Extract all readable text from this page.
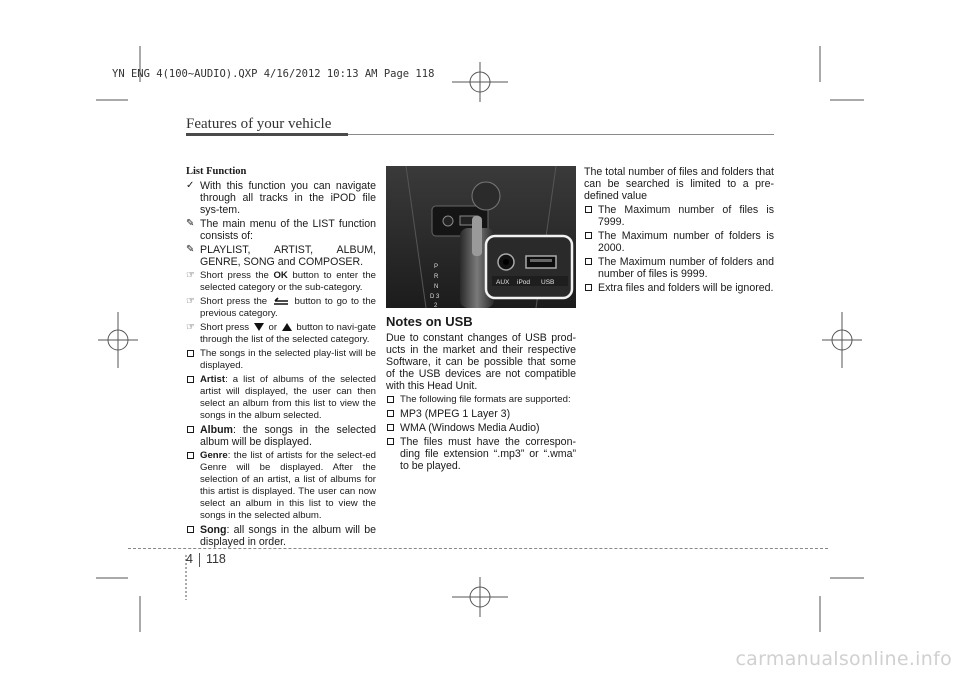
YN ENG 4(100~AUDIO).QXP 4/16/2012 10:13 AM Page 118
Features of your vehicle
List Function
✓ With this function you can navigate through all tracks in the iPOD file sys-tem.
✎ The main menu of the LIST function consists of:
✎ PLAYLIST, ARTIST, ALBUM, GENRE, SONG and COMPOSER.
☞ Short press the OK button to enter the selected category or the sub-category.
☞ Short press the  button to go to the previous category.
☞ Short press  or  button to navi-gate through the list of the selected category.
The songs in the selected play-list will be displayed.
Artist: a list of albums of the selected artist will displayed, the user can then select an album from this list to view the songs in the album selected.
Album: the songs in the selected album will be displayed.
Genre: the list of artists for the select-ed Genre will be displayed. After the selection of an artist, a list of albums for this artist is displayed. The user can now select an album in this list to view the songs in the selected album.
Song: all songs in the album will be displayed in order.
P
R
N
D 3
2
AUX iPod USB
Notes on USB
Due to constant changes of USB prod-ucts in the market and their respective Software, it can be possible that some of the USB devices are not compatible with this Head Unit.
The following file formats are supported:
MP3 (MPEG 1 Layer 3)
WMA (Windows Media Audio)
The files must have the correspon-ding file extension “.mp3” or “.wma” to be played.
The total number of files and folders that can be searched is limited to a pre-defined value
The Maximum number of files is 7999.
The Maximum number of folders is 2000.
The Maximum number of folders and number of files is 9999.
Extra files and folders will be ignored.
4 118
carmanualsonline.info
